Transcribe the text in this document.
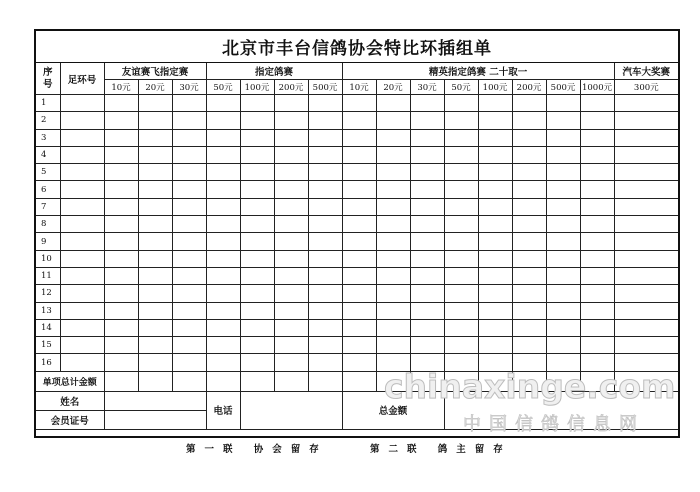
北京市丰台信鸽协会特比环插组单
序
号	足环号	友谊赛飞指定赛			指定鸽赛				精英指定鸽赛 二十取一								汽车大奖赛
		10元	20元	30元	50元	100元	200元	500元	10元	20元	30元	50元	100元	200元	500元	1000元	300元
1																	
2																	
3																	
4																	
5																	
6																	
7																	
8																	
9																	
10																	
11																	
12																	
13																	
14																	
15																	
16																	
单项总计金额																	
姓名					电话				总金额								
会员证号																	
第一联 协会留存	第二联 鸽主留存
chinaxinge.com
中国信鸽信息网
